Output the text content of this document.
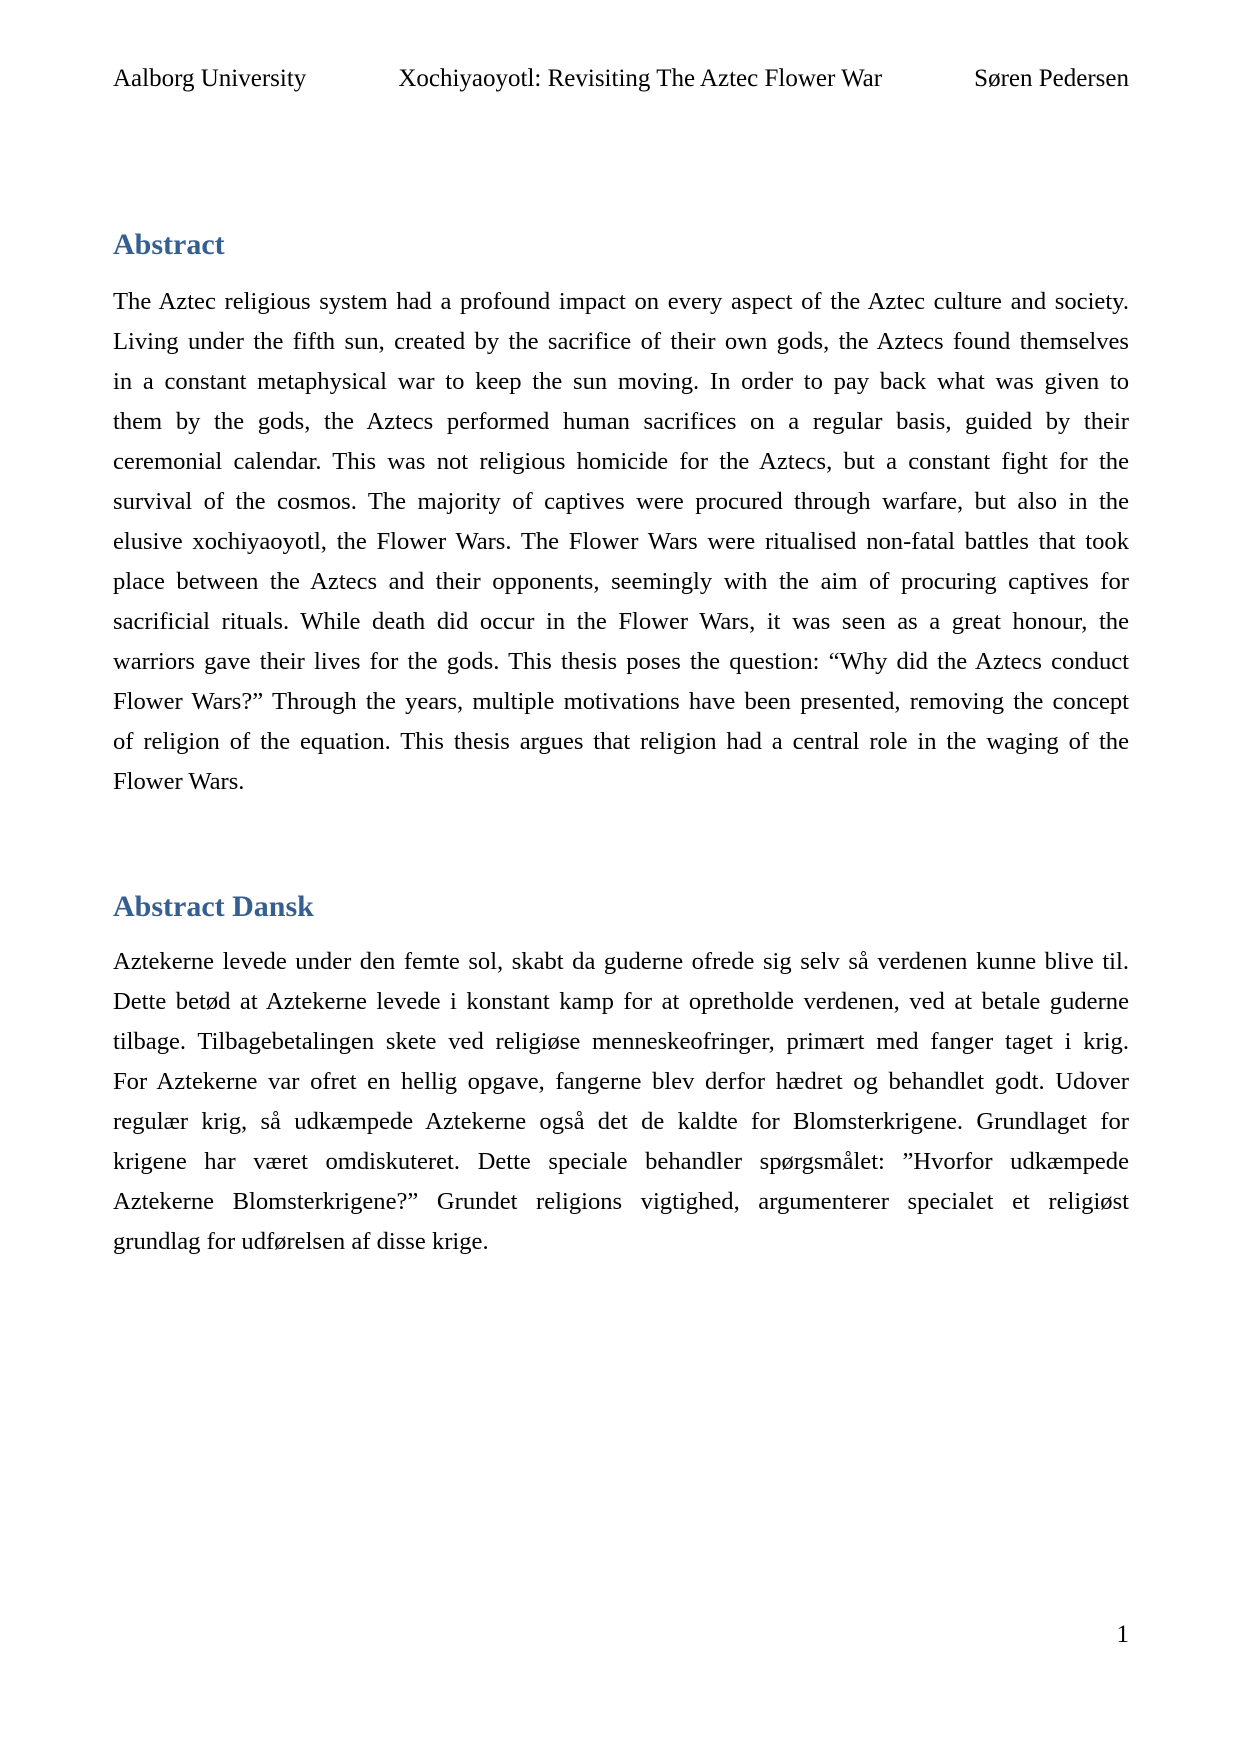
Aalborg University	Xochiyaoyotl: Revisiting The Aztec Flower War	Søren Pedersen
Abstract
The Aztec religious system had a profound impact on every aspect of the Aztec culture and society.
Living under the fifth sun, created by the sacrifice of their own gods, the Aztecs found themselves
in a constant metaphysical war to keep the sun moving. In order to pay back what was given to
them by the gods, the Aztecs performed human sacrifices on a regular basis, guided by their
ceremonial calendar. This was not religious homicide for the Aztecs, but a constant fight for the
survival of the cosmos. The majority of captives were procured through warfare, but also in the
elusive xochiyaoyotl, the Flower Wars. The Flower Wars were ritualised non-fatal battles that took
place between the Aztecs and their opponents, seemingly with the aim of procuring captives for
sacrificial rituals. While death did occur in the Flower Wars, it was seen as a great honour, the
warriors gave their lives for the gods. This thesis poses the question: “Why did the Aztecs conduct
Flower Wars?” Through the years, multiple motivations have been presented, removing the concept
of religion of the equation. This thesis argues that religion had a central role in the waging of the
Flower Wars.
Abstract Dansk
Aztekerne levede under den femte sol, skabt da guderne ofrede sig selv så verdenen kunne blive til.
Dette betød at Aztekerne levede i konstant kamp for at opretholde verdenen, ved at betale guderne
tilbage. Tilbagebetalingen skete ved religiøse menneskeofringer, primært med fanger taget i krig.
For Aztekerne var ofret en hellig opgave, fangerne blev derfor hædret og behandlet godt. Udover
regulær krig, så udkæmpede Aztekerne også det de kaldte for Blomsterkrigene. Grundlaget for
krigene har været omdiskuteret. Dette speciale behandler spørgsmålet: ”Hvorfor udkæmpede
Aztekerne Blomsterkrigene?” Grundet religions vigtighed, argumenterer specialet et religiøst
grundlag for udførelsen af disse krige.
1
